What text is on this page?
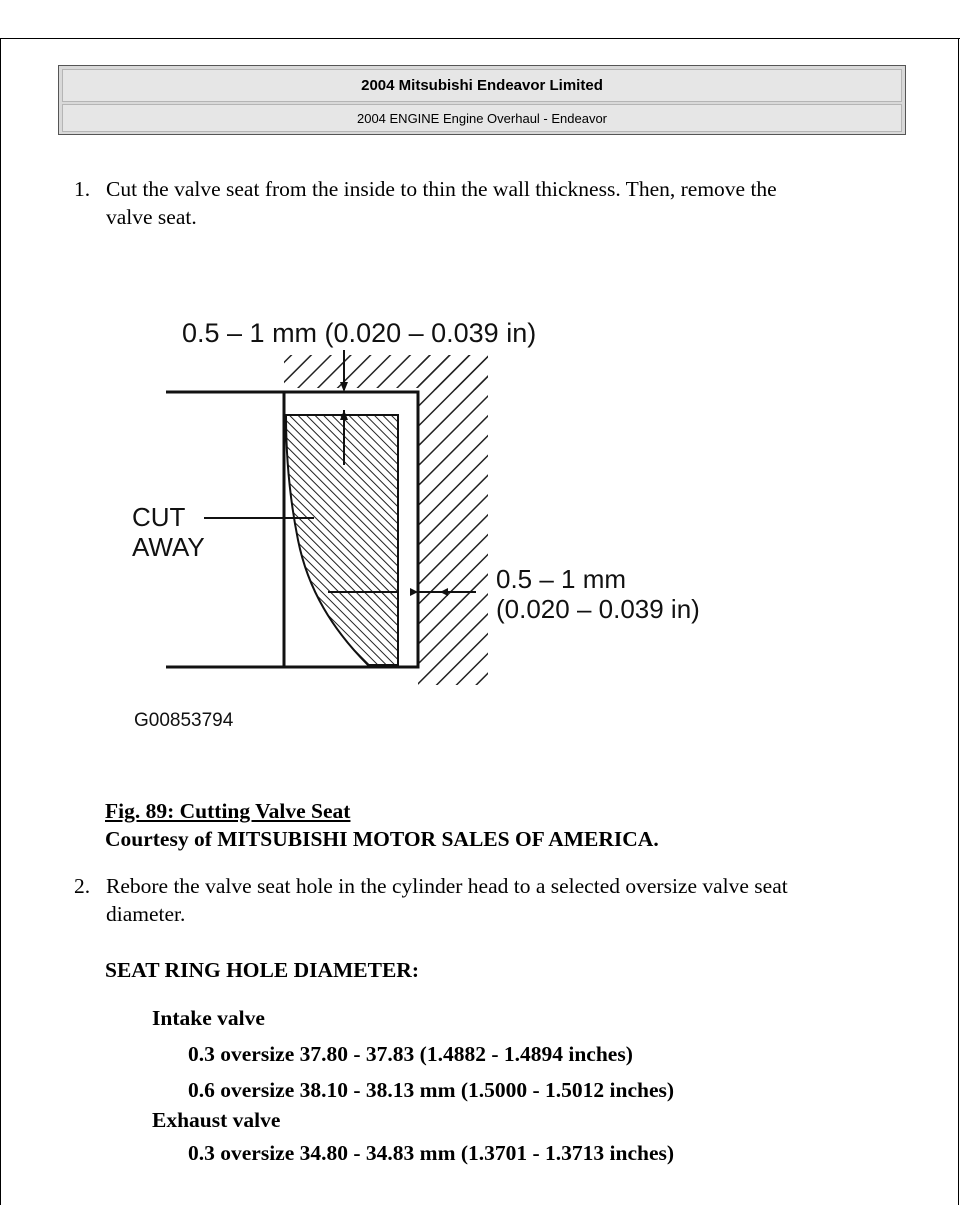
2004 Mitsubishi Endeavor Limited
2004 ENGINE Engine Overhaul - Endeavor
1. Cut the valve seat from the inside to thin the wall thickness. Then, remove the
valve seat.
0.5 – 1 mm (0.020 – 0.039 in)
CUT
AWAY
0.5 – 1 mm
(0.020 – 0.039 in)
G00853794
Fig. 89: Cutting Valve Seat
Courtesy of MITSUBISHI MOTOR SALES OF AMERICA.
2. Rebore the valve seat hole in the cylinder head to a selected oversize valve seat
diameter.
SEAT RING HOLE DIAMETER:
Intake valve
0.3 oversize 37.80 - 37.83 (1.4882 - 1.4894 inches)
0.6 oversize 38.10 - 38.13 mm (1.5000 - 1.5012 inches)
Exhaust valve
0.3 oversize 34.80 - 34.83 mm (1.3701 - 1.3713 inches)
